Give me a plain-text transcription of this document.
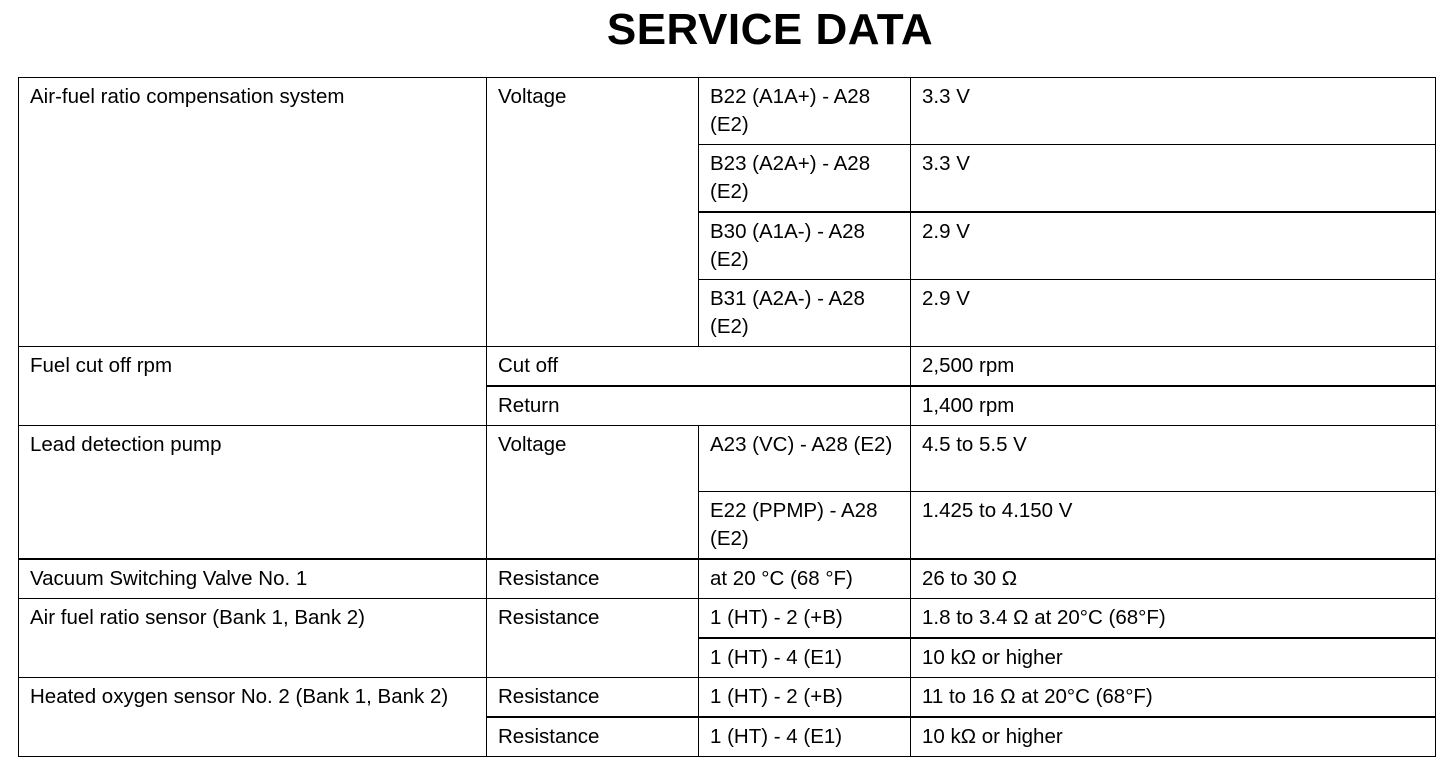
SERVICE DATA
Air-fuel ratio compensation system	Voltage	B22 (A1A+) - A28 (E2)	3.3 V
		B23 (A2A+) - A28 (E2)	3.3 V
		B30 (A1A-) - A28 (E2)	2.9 V
		B31 (A2A-) - A28 (E2)	2.9 V
Fuel cut off rpm	Cut off		2,500 rpm
	Return		1,400 rpm
Lead detection pump	Voltage	A23 (VC) - A28 (E2)	4.5 to 5.5 V
		E22 (PPMP) - A28 (E2)	1.425 to 4.150 V
Vacuum Switching Valve No. 1	Resistance	at 20 °C (68 °F)	26 to 30 Ω
Air fuel ratio sensor (Bank 1, Bank 2)	Resistance	1 (HT) - 2 (+B)	1.8 to 3.4 Ω at 20°C (68°F)
		1 (HT) - 4 (E1)	10 kΩ or higher
Heated oxygen sensor No. 2 (Bank 1, Bank 2)	Resistance	1 (HT) - 2 (+B)	11 to 16 Ω at 20°C (68°F)
	Resistance	1 (HT) - 4 (E1)	10 kΩ or higher
